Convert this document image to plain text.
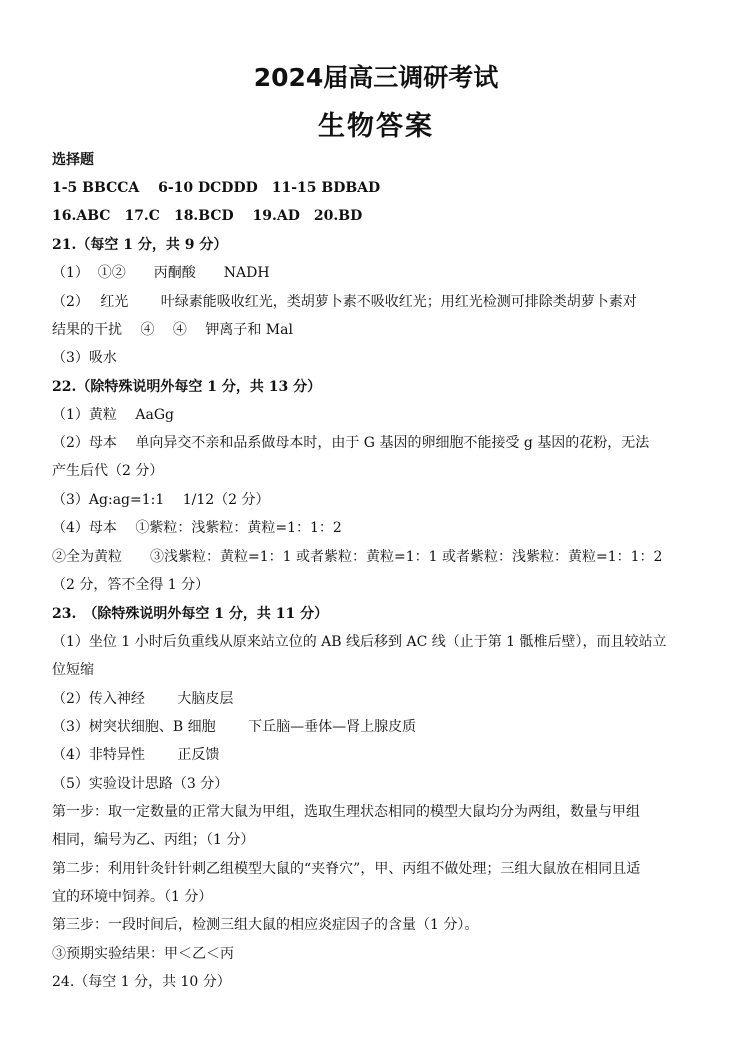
2024届高三调研考试
生物答案

选择题

1-5 BBCCA　 6-10 DCDDD　11-15 BDBAD

16.ABC　17.C　18.BCD　 19.AD　20.BD

21.（每空 1 分，共 9 分）

（1）  ①②　　丙酮酸　　NADH

（2）　 红光　　 叶绿素能吸收红光，类胡萝卜素不吸收红光；用红光检测可排除类胡萝卜素对

结果的干扰　 ④　 ④　 钾离子和 Mal

（3）吸水

22.（除特殊说明外每空 1 分，共 13 分）

（1）黄粒　 AaGg

（2）母本　 单向异交不亲和品系做母本时，由于 G 基因的卵细胞不能接受 g 基因的花粉，无法

产生后代（2 分）

（3）Ag:ag=1:1　 1/12（2 分）

（4）母本　 ①紫粒：浅紫粒：黄粒=1：1：2

②全为黄粒　　③浅紫粒：黄粒=1：1 或者紫粒：黄粒=1：1 或者紫粒：浅紫粒：黄粒=1：1：2

（2 分，答不全得 1 分）

23.　（除特殊说明外每空 1 分，共 11 分）

（1）坐位 1 小时后负重线从原来站立位的 AB 线后移到 AC 线（止于第 1 骶椎后壁），而且较站立

位短缩

（2）传入神经　　 大脑皮层

（3）树突状细胞、B 细胞　　 下丘脑—垂体—肾上腺皮质

（4）非特异性　　 正反馈

（5）实验设计思路（3 分）

第一步：取一定数量的正常大鼠为甲组，选取生理状态相同的模型大鼠均分为两组，数量与甲组

相同，编号为乙、丙组；（1 分）

第二步：利用针灸针针刺乙组模型大鼠的“夹脊穴”，甲、丙组不做处理；三组大鼠放在相同且适

宜的环境中饲养。（1 分）

第三步：一段时间后，检测三组大鼠的相应炎症因子的含量（1 分）。

③预期实验结果：甲＜乙＜丙

24.（每空 1 分，共 10 分）
